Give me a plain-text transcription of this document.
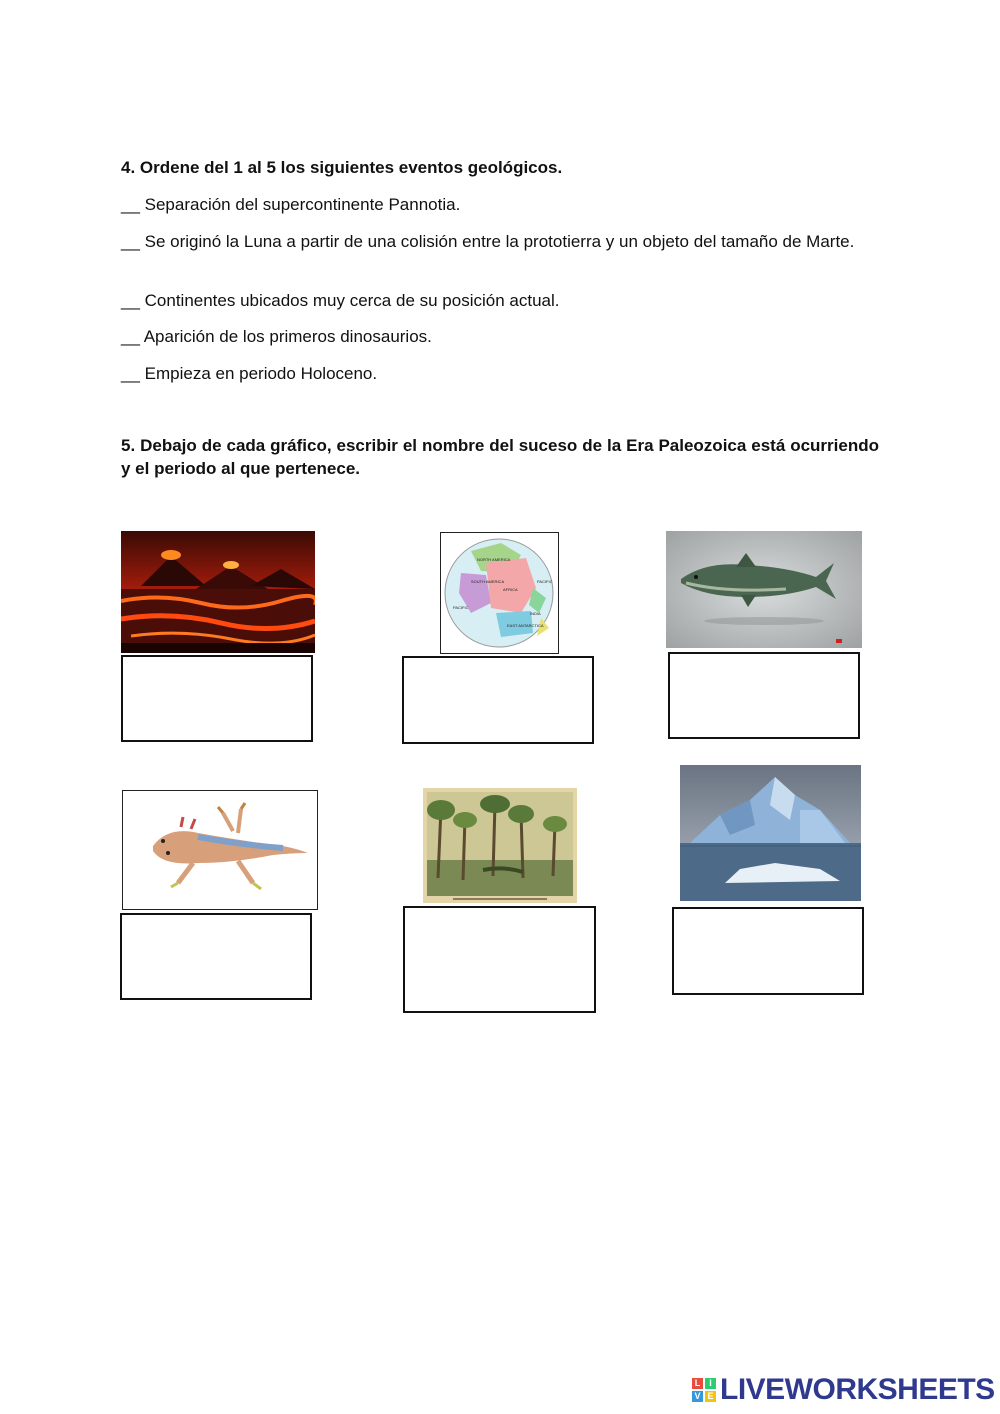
4. Ordene del 1 al 5 los siguientes eventos geológicos.
__ Separación del supercontinente Pannotia.
__ Se originó la Luna a partir de una colisión entre la prototierra y un objeto del tamaño de Marte.
__ Continentes ubicados muy cerca de su posición actual.
__ Aparición de los primeros dinosaurios.
__ Empieza en periodo Holoceno.
5. Debajo de cada gráfico, escribir el nombre del suceso de la Era Paleozoica está ocurriendo y el periodo al que pertenece.
SOUTH AMERICA
AFRICA
PACIFIC
PACIFIC
INDIA
EAST ANTARCTICA
NORTH AMERICA
L I
V E LIVEWORKSHEETS
